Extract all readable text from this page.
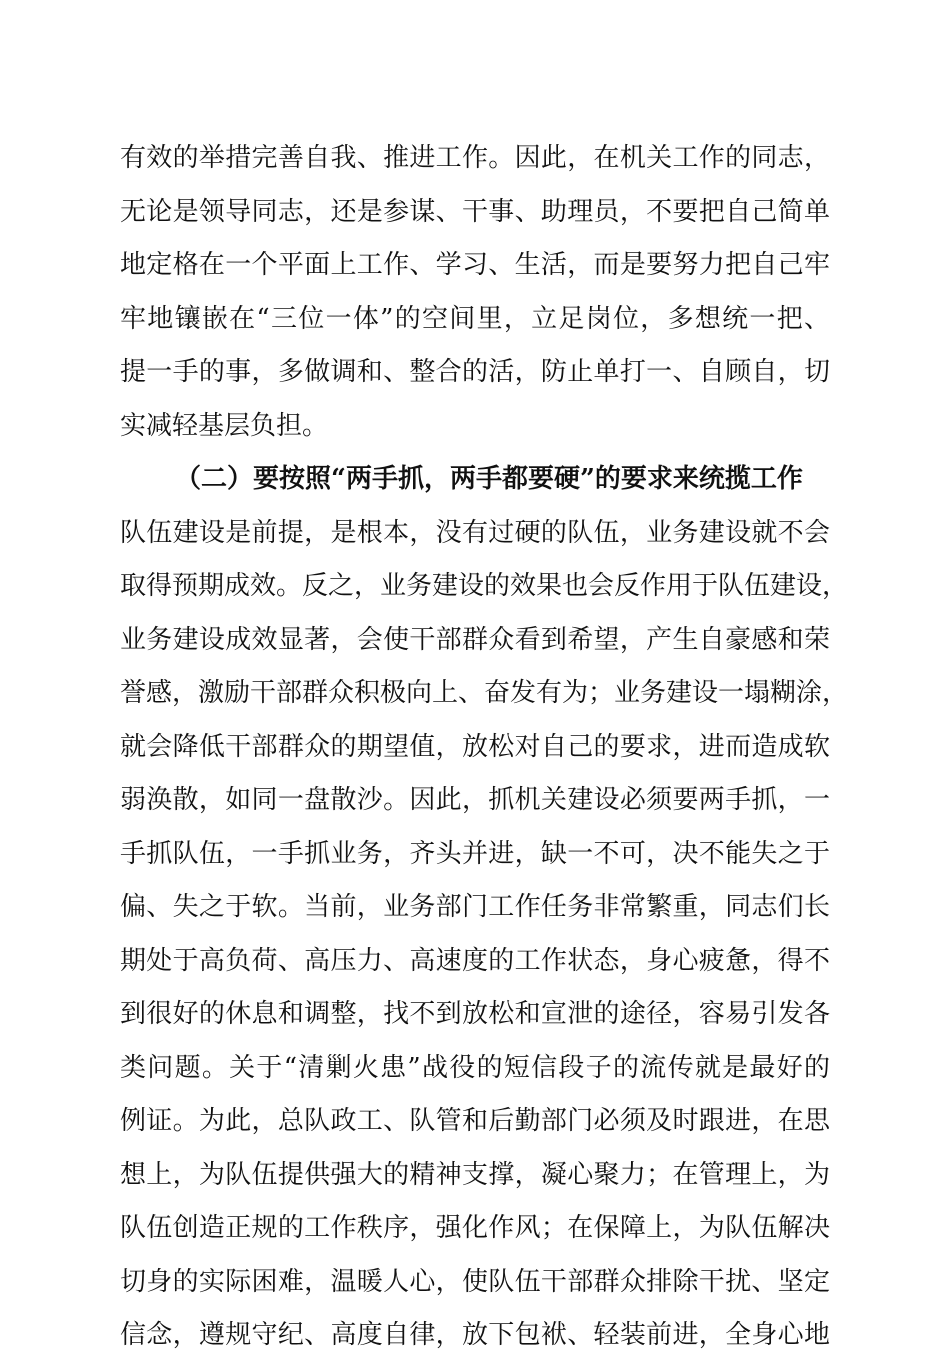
有效的举措完善自我、推进工作。因此，在机关工作的同志，
无论是领导同志，还是参谋、干事、助理员，不要把自己简单
地定格在一个平面上工作、学习、生活，而是要努力把自己牢
牢地镶嵌在“三位一体”的空间里，立足岗位，多想统一把、
提一手的事，多做调和、整合的活，防止单打一、自顾自，切
实减轻基层负担。
（二）要按照“两手抓，两手都要硬”的要求来统揽工作
队伍建设是前提，是根本，没有过硬的队伍，业务建设就不会
取得预期成效。反之，业务建设的效果也会反作用于队伍建设，
业务建设成效显著，会使干部群众看到希望，产生自豪感和荣
誉感，激励干部群众积极向上、奋发有为；业务建设一塌糊涂，
就会降低干部群众的期望值，放松对自己的要求，进而造成软
弱涣散，如同一盘散沙。因此，抓机关建设必须要两手抓，一
手抓队伍，一手抓业务，齐头并进，缺一不可，决不能失之于
偏、失之于软。当前，业务部门工作任务非常繁重，同志们长
期处于高负荷、高压力、高速度的工作状态，身心疲惫，得不
到很好的休息和调整，找不到放松和宣泄的途径，容易引发各
类问题。关于“清剿火患”战役的短信段子的流传就是最好的
例证。为此，总队政工、队管和后勤部门必须及时跟进，在思
想上，为队伍提供强大的精神支撑，凝心聚力；在管理上，为
队伍创造正规的工作秩序，强化作风；在保障上，为队伍解决
切身的实际困难，温暖人心，使队伍干部群众排除干扰、坚定
信念，遵规守纪、高度自律，放下包袱、轻装前进，全身心地
